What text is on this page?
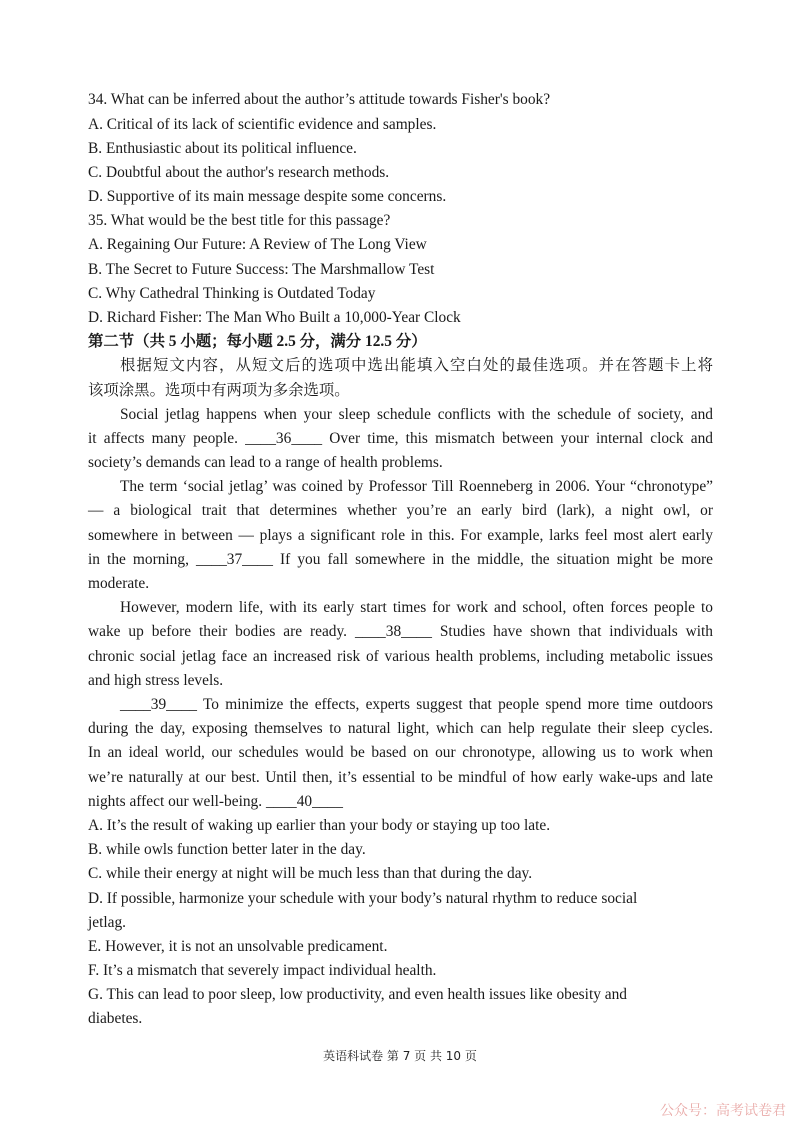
34. What can be inferred about the author’s attitude towards Fisher's book?
A. Critical of its lack of scientific evidence and samples.
B. Enthusiastic about its political influence.
C. Doubtful about the author's research methods.
D. Supportive of its main message despite some concerns.
35. What would be the best title for this passage?
A. Regaining Our Future: A Review of The Long View
B. The Secret to Future Success: The Marshmallow Test
C. Why Cathedral Thinking is Outdated Today
D. Richard Fisher: The Man Who Built a 10,000-Year Clock
第二节（共 5 小题；每小题 2.5 分，满分 12.5 分）
根据短文内容，从短文后的选项中选出能填入空白处的最佳选项。并在答题卡上将
该项涂黑。选项中有两项为多余选项。
Social jetlag happens when your sleep schedule conflicts with the schedule of society, and
it affects many people. ____36____ Over time, this mismatch between your internal clock and
society’s demands can lead to a range of health problems.
The term ‘social jetlag’ was coined by Professor Till Roenneberg in 2006. Your “chronotype”
— a biological trait that determines whether you’re an early bird (lark), a night owl, or
somewhere in between — plays a significant role in this. For example, larks feel most alert early
in the morning, ____37____ If you fall somewhere in the middle, the situation might be more
moderate.
However, modern life, with its early start times for work and school, often forces people to
wake up before their bodies are ready. ____38____ Studies have shown that individuals with
chronic social jetlag face an increased risk of various health problems, including metabolic issues
and high stress levels.
____39____ To minimize the effects, experts suggest that people spend more time outdoors
during the day, exposing themselves to natural light, which can help regulate their sleep cycles.
In an ideal world, our schedules would be based on our chronotype, allowing us to work when
we’re naturally at our best. Until then, it’s essential to be mindful of how early wake-ups and late
nights affect our well-being. ____40____
A. It’s the result of waking up earlier than your body or staying up too late.
B. while owls function better later in the day.
C. while their energy at night will be much less than that during the day.
D. If possible, harmonize your schedule with your body’s natural rhythm to reduce social
jetlag.
E. However, it is not an unsolvable predicament.
F. It’s a mismatch that severely impact individual health.
G. This can lead to poor sleep, low productivity, and even health issues like obesity and
diabetes.
英语科试卷 第 7 页 共 10 页
公众号：高考试卷君
